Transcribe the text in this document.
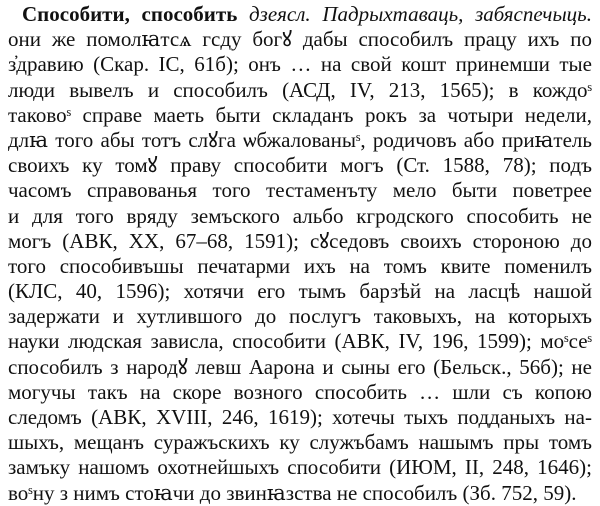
Способити, способить дзеясл. Падрыхтаваць, забяспечыць.
они же помолꙗтсѧ гсду богꙋ дабы способилъ працу ихъ по
з҆дравию (Скар. ІС, 61б); онъ … на свой кошт принемши тые
люди вывелъ и способилъ (АСД, IV, 213, 1565); в кождоˢ
таковоˢ справе маеть быти складанъ рокъ за чотыри недели,
длꙗ того абы тотъ слꙋга ѡбжалованыˢ, родичовъ або приꙗтель
своихъ ку томꙋ праву способити могъ (Ст. 1588, 78); подъ
часомъ справованья того тестаменъту мело быти поветрее
и для того вряду земъского альбо кгродского способить не
могъ (АВК, XX, 67–68, 1591); сꙋседовъ своихъ стороною до
того способивъшы печатарми ихъ на томъ квите поменилъ
(КЛС, 40, 1596); хотячи его тымъ барзѣй на ласцѣ нашой
задержати и хутлившого до послугъ таковыхъ, на которыхъ
науки людская зависла, способити (АВК, IV, 196, 1599); моˢсеˢ
способилъ з народꙋ левш Аарона и сыны его (Бельск., 56б); не
могучы такъ на скоре возного способить … шли съ копою
следомъ (АВК, XVIII, 246, 1619); хотечы тыхъ подданыхъ на-
шыхъ, мещанъ суражъскихъ ку служъбамъ нашымъ пры томъ
замъку нашомъ охотнейшыхъ способити (ИЮМ, II, 248, 1646);
воˢну з нимъ стоꙗчи до звинꙗзства не способилъ (Зб. 752, 59).
